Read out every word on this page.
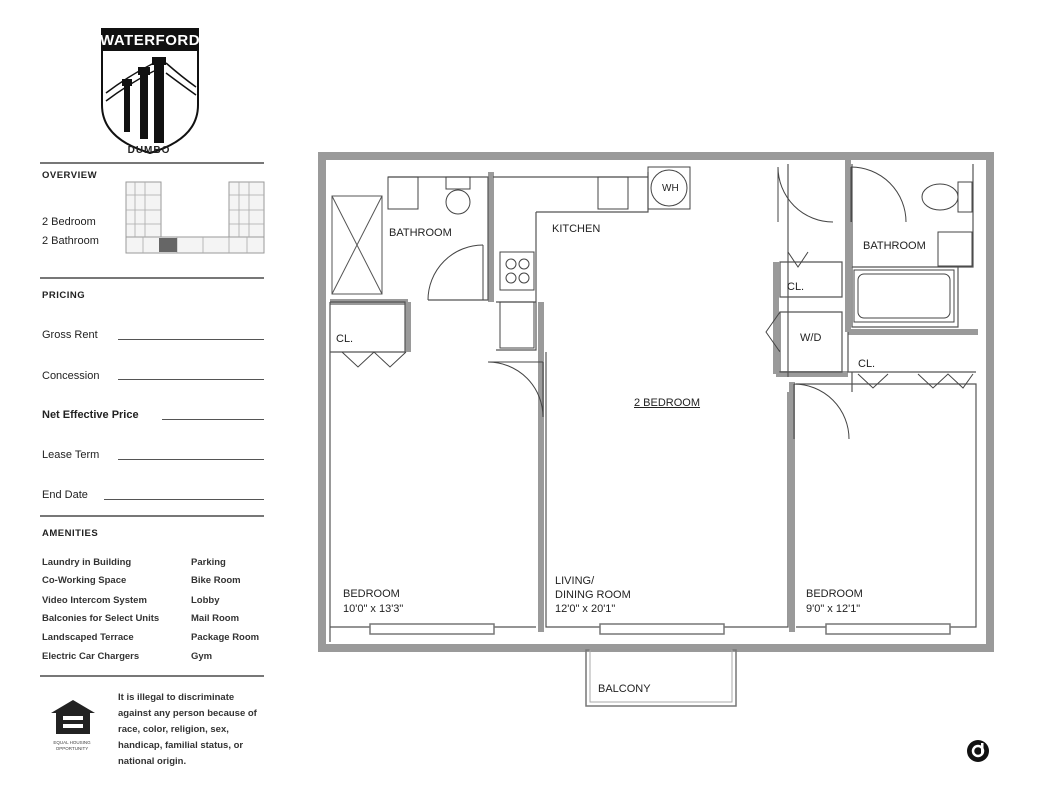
WATERFORD
DUMBO
OVERVIEW
2 Bedroom
2 Bathroom
PRICING
Gross Rent
Concession
Net Effective Price
Lease Term
End Date
AMENITIES
Laundry in Building
Co-Working Space
Video Intercom System
Balconies for Select Units
Landscaped Terrace
Electric Car Chargers
Parking
Bike Room
Lobby
Mail Room
Package Room
Gym
EQUAL HOUSING OPPORTUNITY
It is illegal to discriminate against any person because of race, color, religion, sex, handicap, familial status, or national origin.
BATHROOM	KITCHEN
WH
BATHROOM
CL.
W/D
CL.
CL.
2 BEDROOM
BEDROOM
10'0" x 13'3"
LIVING/
DINING ROOM
12'0" x 20'1"
BEDROOM
9'0" x 12'1"
BALCONY
